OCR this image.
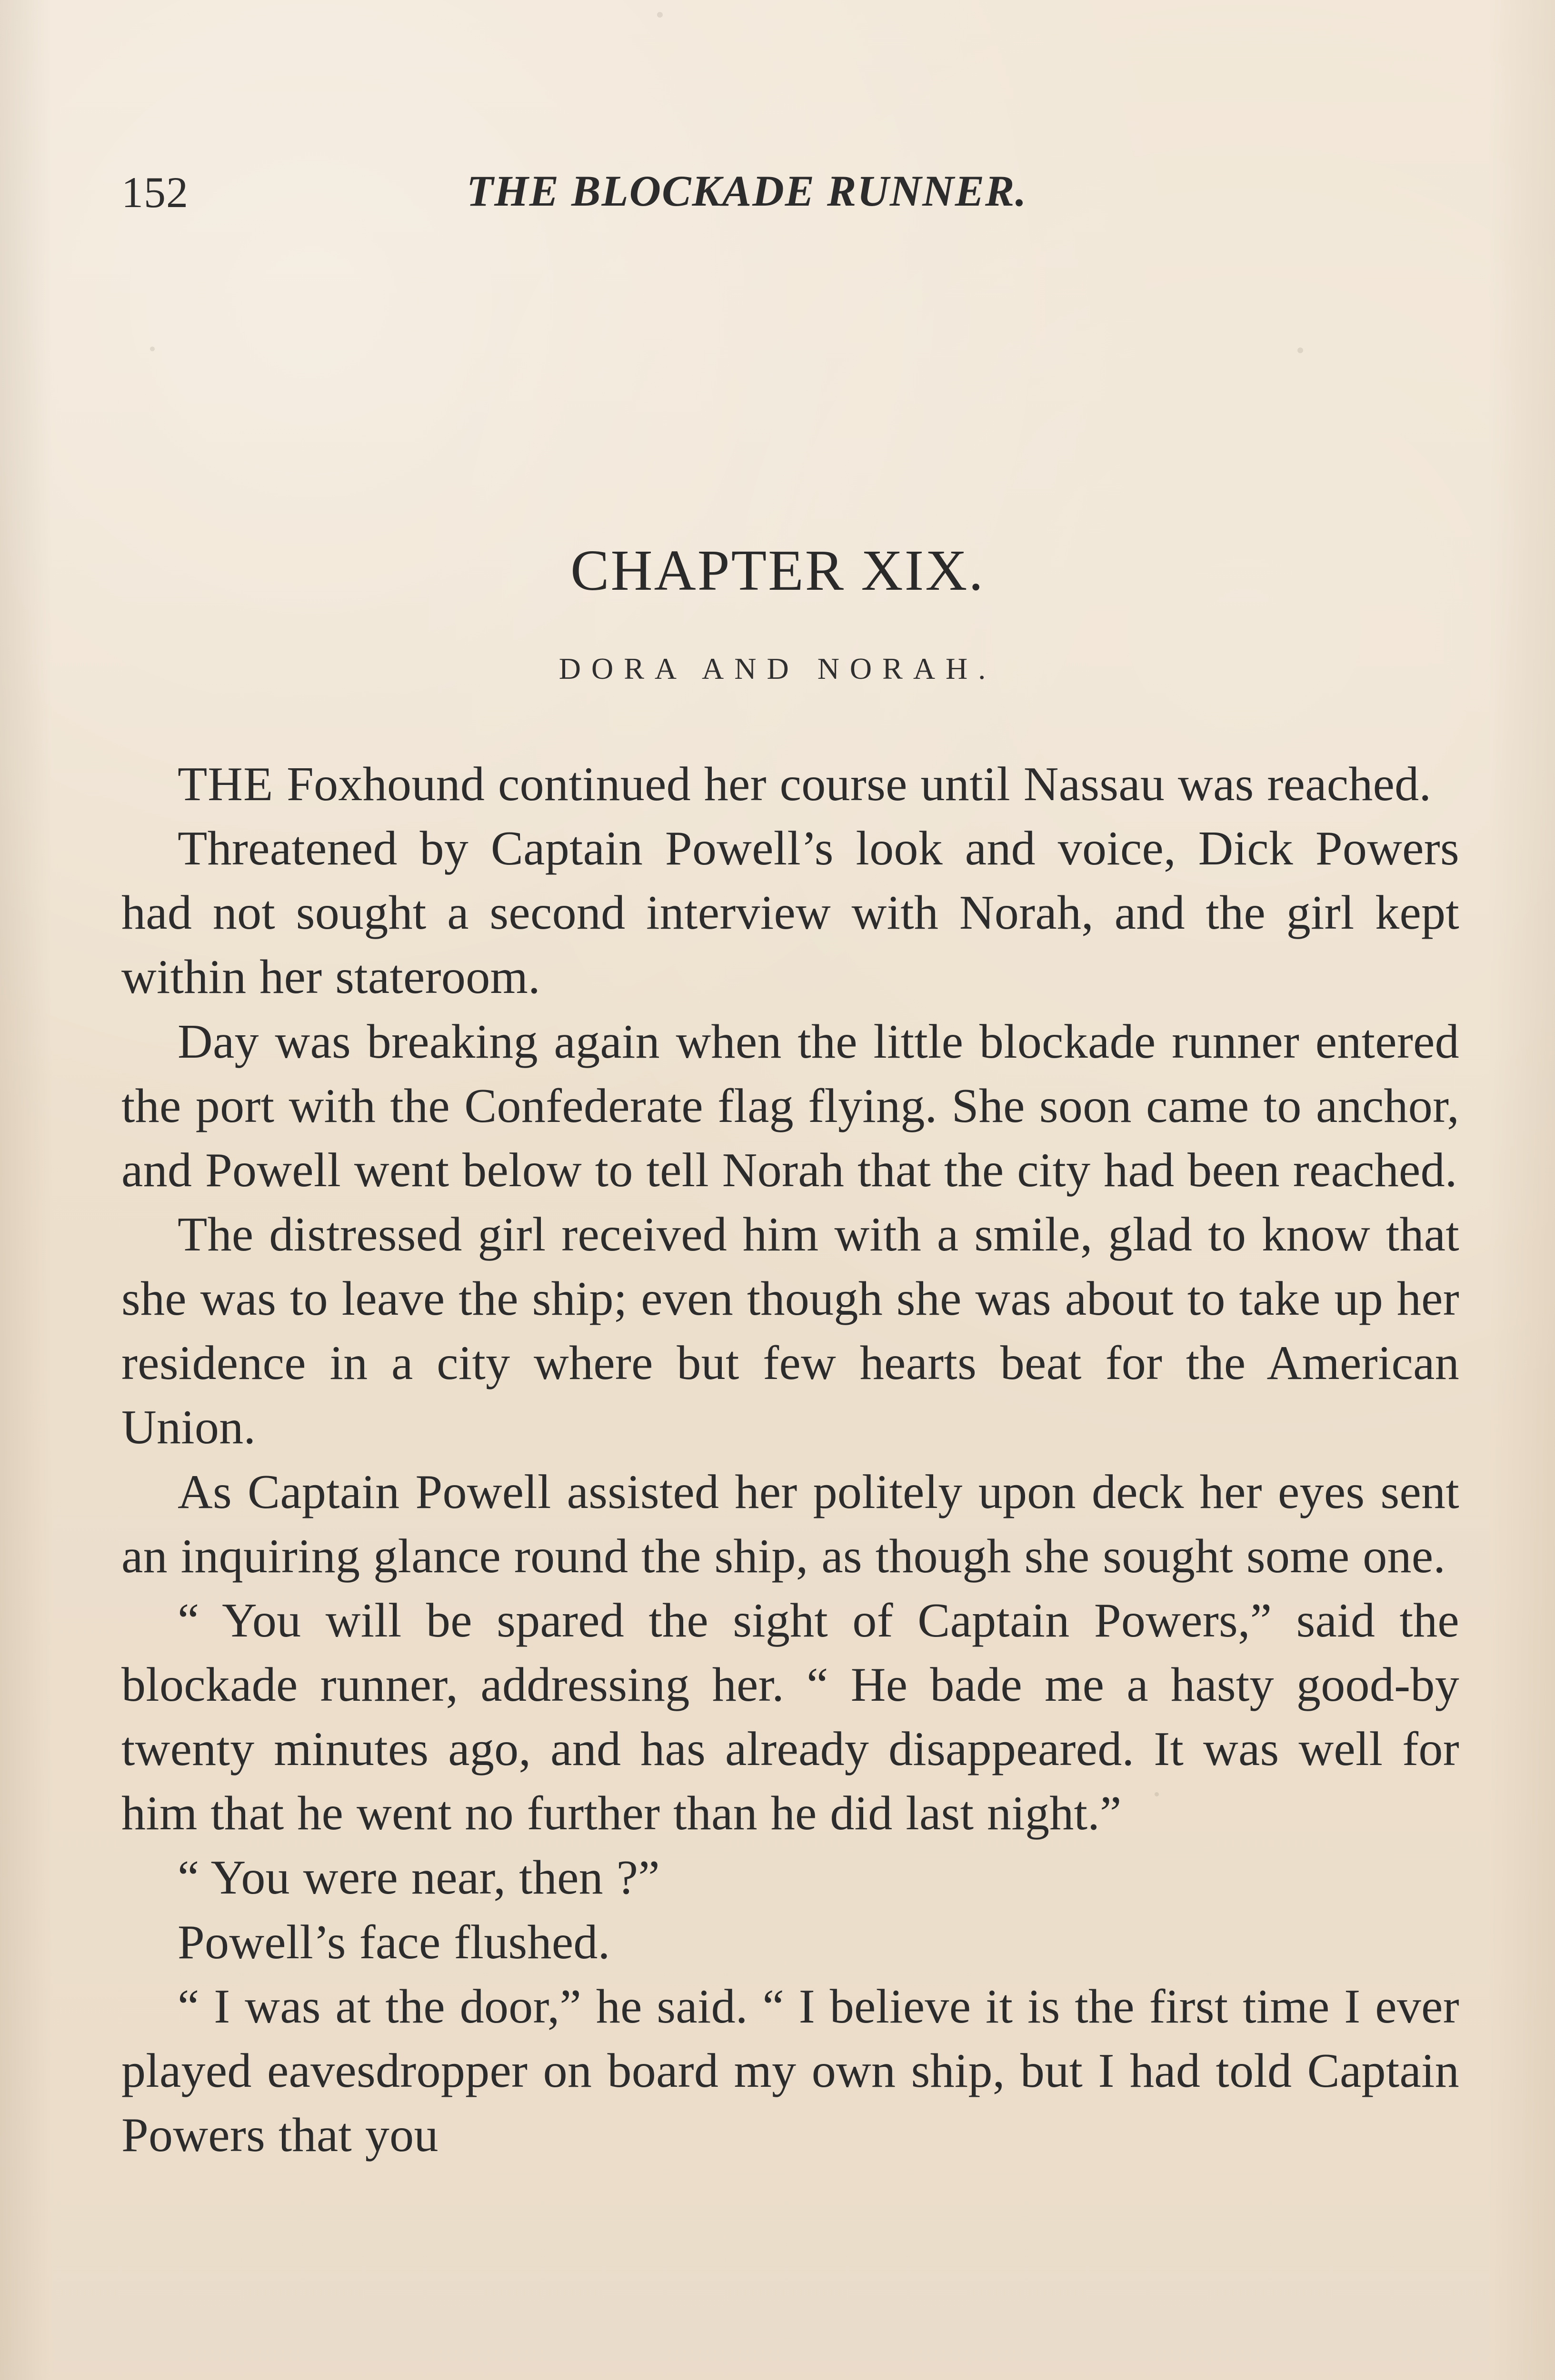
152	THE BLOCKADE RUNNER.
CHAPTER XIX.
DORA AND NORAH.

THE Foxhound continued her course until Nassau was reached.

Threatened by Captain Powell’s look and voice, Dick Powers had not sought a second interview with Norah, and the girl kept within her stateroom.

Day was breaking again when the little blockade runner entered the port with the Confederate flag flying. She soon came to anchor, and Powell went below to tell Norah that the city had been reached.

The distressed girl received him with a smile, glad to know that she was to leave the ship; even though she was about to take up her residence in a city where but few hearts beat for the American Union.

As Captain Powell assisted her politely upon deck her eyes sent an inquiring glance round the ship, as though she sought some one.

“ You will be spared the sight of Captain Powers,” said the blockade runner, addressing her. “ He bade me a hasty good-by twenty minutes ago, and has already disappeared. It was well for him that he went no further than he did last night.”

“ You were near, then ?”

Powell’s face flushed.

“ I was at the door,” he said. “ I believe it is the first time I ever played eavesdropper on board my own ship, but I had told Captain Powers that you
